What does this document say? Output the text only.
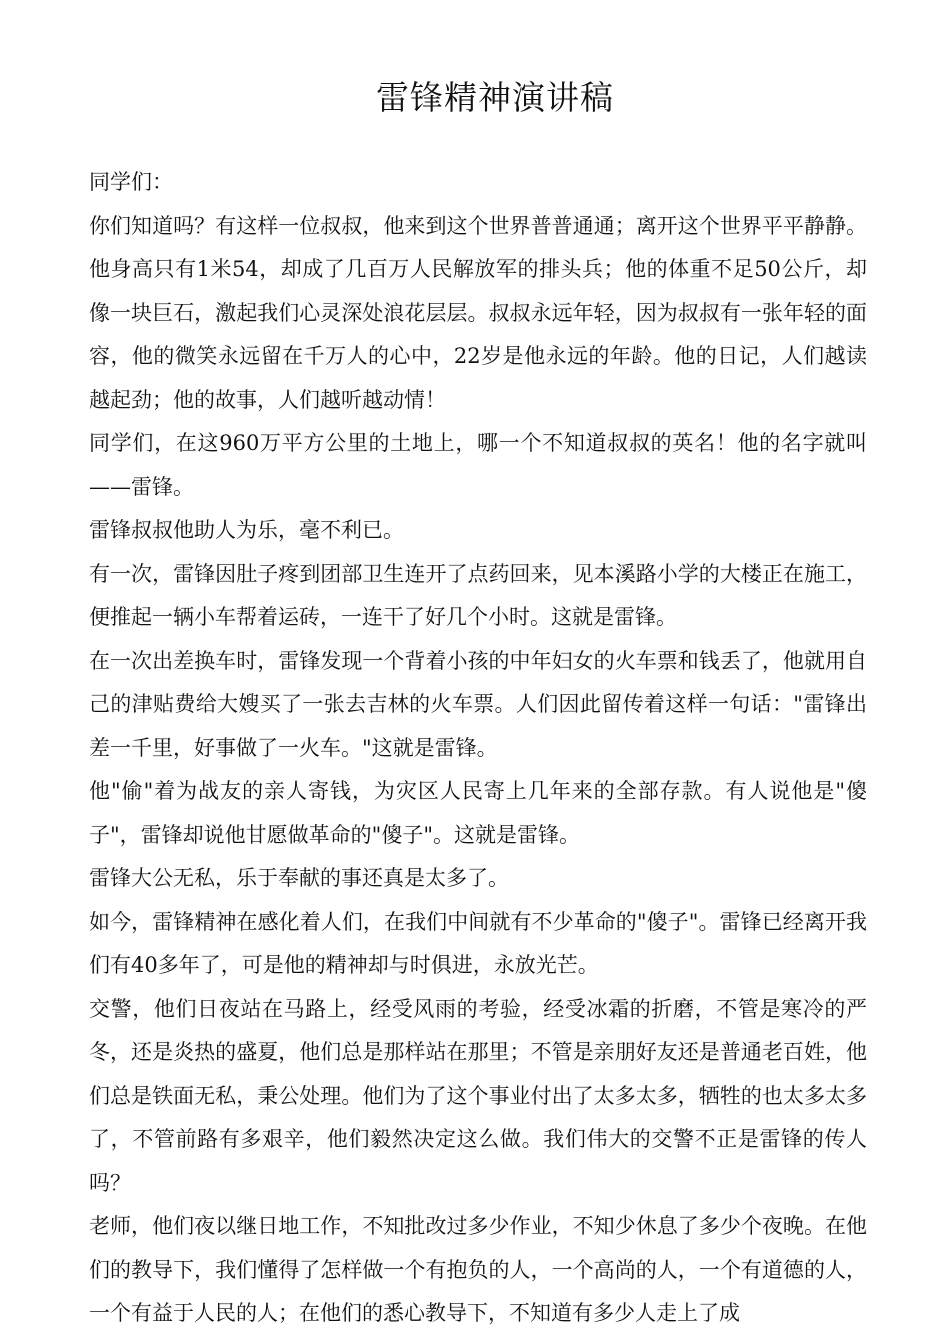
雷锋精神演讲稿

同学们：

你们知道吗？有这样一位叔叔，他来到这个世界普普通通；离开这个世界平平静静。他身高只有1米54，却成了几百万人民解放军的排头兵；他的体重不足50公斤，却像一块巨石，激起我们心灵深处浪花层层。叔叔永远年轻，因为叔叔有一张年轻的面容，他的微笑永远留在千万人的心中，22岁是他永远的年龄。他的日记，人们越读越起劲；他的故事，人们越听越动情！

同学们，在这960万平方公里的土地上，哪一个不知道叔叔的英名！他的名字就叫——雷锋。

雷锋叔叔他助人为乐，毫不利已。

有一次，雷锋因肚子疼到团部卫生连开了点药回来，见本溪路小学的大楼正在施工，便推起一辆小车帮着运砖，一连干了好几个小时。这就是雷锋。

在一次出差换车时，雷锋发现一个背着小孩的中年妇女的火车票和钱丢了，他就用自己的津贴费给大嫂买了一张去吉林的火车票。人们因此留传着这样一句话："雷锋出差一千里，好事做了一火车。"这就是雷锋。

他"偷"着为战友的亲人寄钱，为灾区人民寄上几年来的全部存款。有人说他是"傻子"，雷锋却说他甘愿做革命的"傻子"。这就是雷锋。

雷锋大公无私，乐于奉献的事还真是太多了。

如今，雷锋精神在感化着人们，在我们中间就有不少革命的"傻子"。雷锋已经离开我们有40多年了，可是他的精神却与时俱进，永放光芒。

交警，他们日夜站在马路上，经受风雨的考验，经受冰霜的折磨，不管是寒冷的严冬，还是炎热的盛夏，他们总是那样站在那里；不管是亲朋好友还是普通老百姓，他们总是铁面无私，秉公处理。他们为了这个事业付出了太多太多，牺牲的也太多太多了，不管前路有多艰辛，他们毅然决定这么做。我们伟大的交警不正是雷锋的传人吗？

老师，他们夜以继日地工作，不知批改过多少作业，不知少休息了多少个夜晚。在他们的教导下，我们懂得了怎样做一个有抱负的人，一个高尚的人，一个有道德的人，一个有益于人民的人；在他们的悉心教导下，不知道有多少人走上了成
